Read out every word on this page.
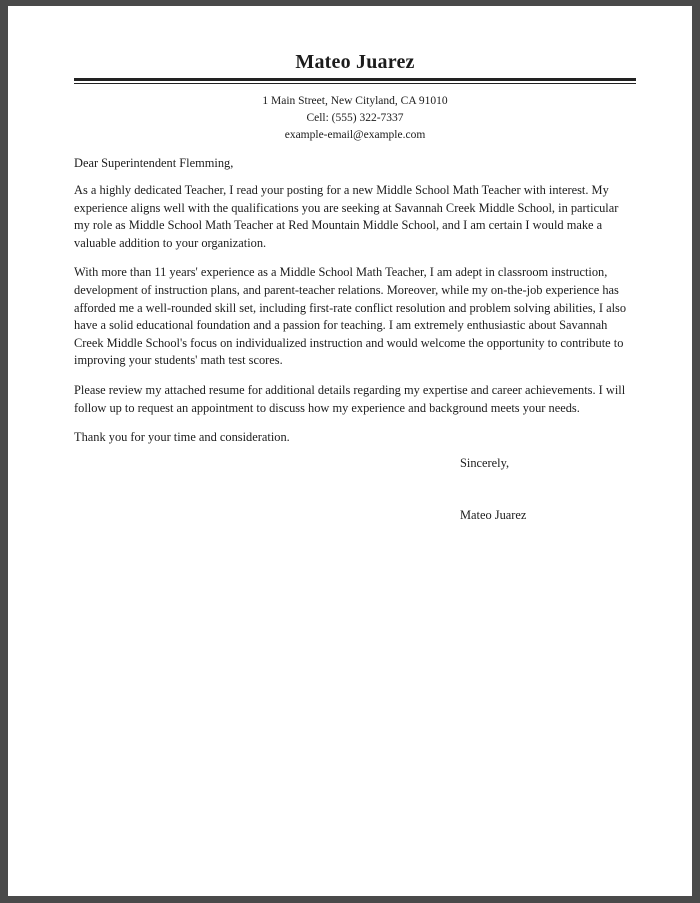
Mateo Juarez
1 Main Street, New Cityland, CA 91010
Cell: (555) 322-7337
example-email@example.com
Dear Superintendent Flemming,
As a highly dedicated Teacher, I read your posting for a new Middle School Math Teacher with interest. My experience aligns well with the qualifications you are seeking at Savannah Creek Middle School, in particular my role as Middle School Math Teacher at Red Mountain Middle School, and I am certain I would make a valuable addition to your organization.
With more than 11 years' experience as a Middle School Math Teacher, I am adept in classroom instruction, development of instruction plans, and parent-teacher relations. Moreover, while my on-the-job experience has afforded me a well-rounded skill set, including first-rate conflict resolution and problem solving abilities, I also have a solid educational foundation and a passion for teaching. I am extremely enthusiastic about Savannah Creek Middle School's focus on individualized instruction and would welcome the opportunity to contribute to improving your students' math test scores.
Please review my attached resume for additional details regarding my expertise and career achievements. I will follow up to request an appointment to discuss how my experience and background meets your needs.
Thank you for your time and consideration.
Sincerely,
Mateo Juarez
